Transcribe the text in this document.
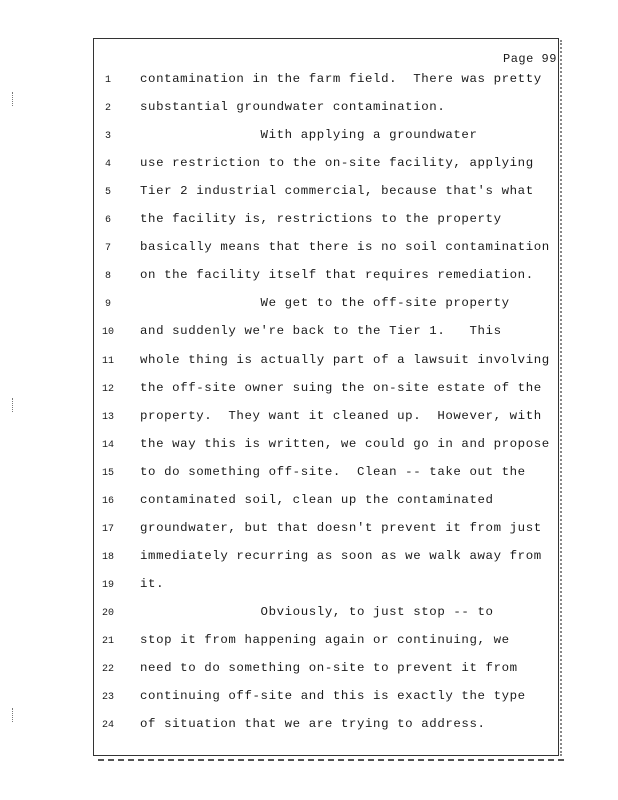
Page 99
1	contamination in the farm field.  There was pretty
2	substantial groundwater contamination.
3	With applying a groundwater
4	use restriction to the on-site facility, applying
5	Tier 2 industrial commercial, because that's what
6	the facility is, restrictions to the property
7	basically means that there is no soil contamination
8	on the facility itself that requires remediation.
9	We get to the off-site property
10 and suddenly we're back to the Tier 1.   This
11 whole thing is actually part of a lawsuit involving
12 the off-site owner suing the on-site estate of the
13 property.  They want it cleaned up.  However, with
14 the way this is written, we could go in and propose
15 to do something off-site.  Clean -- take out the
16 contaminated soil, clean up the contaminated
17 groundwater, but that doesn't prevent it from just
18 immediately recurring as soon as we walk away from
19 it.
20 Obviously, to just stop -- to
21 stop it from happening again or continuing, we
22 need to do something on-site to prevent it from
23 continuing off-site and this is exactly the type
24 of situation that we are trying to address.
